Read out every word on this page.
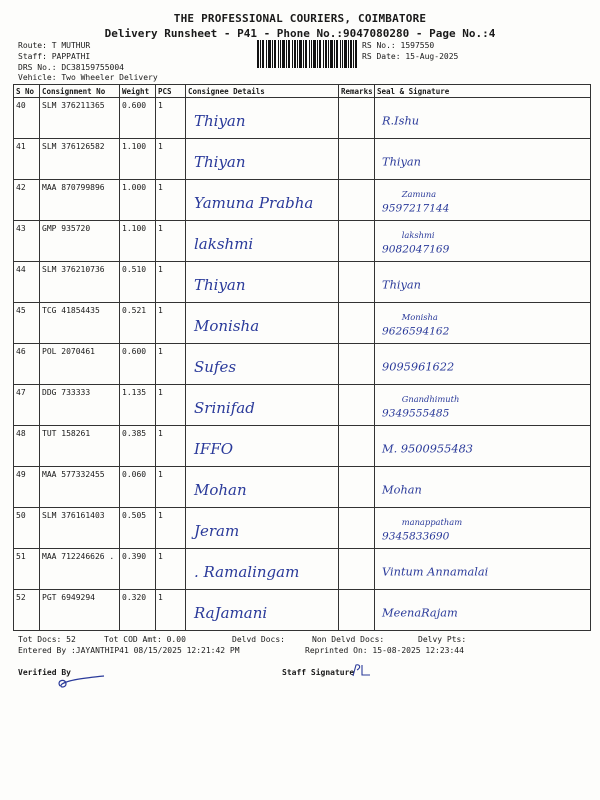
THE PROFESSIONAL COURIERS, COIMBATORE
Delivery Runsheet - P41 - Phone No.:9047080280 - Page No.:4
Route: T MUTHUR
Staff: PAPPATHI
DRS No.: DC38159755004
Vehicle: Two Wheeler Delivery
RS No.: 1597550
RS Date: 15-Aug-2025
S No	Consignment No	Weight	PCS	Consignee Details	Remarks	Seal & Signature
40	SLM 376211365	0.600	1	Thiyan		R.Ishu

41	SLM 376126582	1.100	1	Thiyan		Thiyan

42	MAA 870799896	1.000	1	Yamuna Prabha		Zamuna
9597217144

43	GMP 935720	1.100	1	lakshmi		lakshmi
9082047169

44	SLM 376210736	0.510	1	Thiyan		Thiyan

45	TCG 41854435	0.521	1	Monisha		Monisha
9626594162

46	POL 2070461	0.600	1	Sufes		9095961622

47	DDG 733333	1.135	1	Srinifad		Gnandhimuth
9349555485

48	TUT 158261	0.385	1	IFFO		M. 9500955483

49	MAA 577332455	0.060	1	Mohan		Mohan

50	SLM 376161403	0.505	1	Jeram		manappatham
9345833690

51	MAA 712246626 .	0.390	1	. Ramalingam		Vintum Annamalai

52	PGT 6949294	0.320	1	RaJamani		MeenaRajam
Tot Docs: 52	Tot COD Amt: 0.00	Delvd Docs:	Non Delvd Docs:	Delvy Pts:
Entered By :JAYANTHIP41 08/15/2025 12:21:42 PM	Reprinted On: 15-08-2025 12:23:44
Verified By	Staff Signature
